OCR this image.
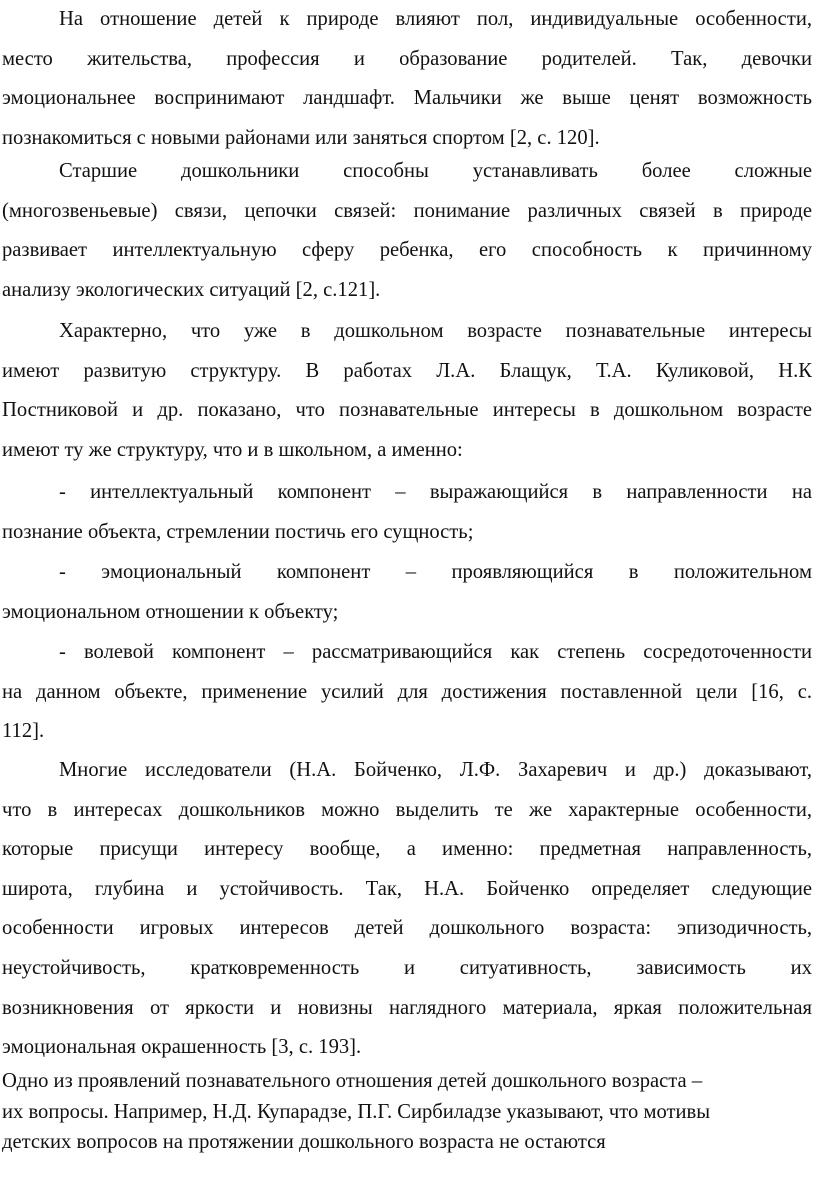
На отношение детей к природе влияют пол, индивидуальные особенности,
место жительства, профессия и образование родителей. Так, девочки
эмоциональнее воспринимают ландшафт. Мальчики же выше ценят возможность
познакомиться с новыми районами или заняться спортом [2, с. 120].
Старшие дошкольники способны устанавливать более сложные
(многозвеньевые) связи, цепочки связей: понимание различных связей в природе
развивает интеллектуальную сферу ребенка, его способность к причинному
анализу экологических ситуаций [2, с.121].
Характерно, что уже в дошкольном возрасте познавательные интересы
имеют развитую структуру. В работах Л.А. Блащук, Т.А. Куликовой, Н.К
Постниковой и др. показано, что познавательные интересы в дошкольном возрасте
имеют ту же структуру, что и в школьном, а именно:
- интеллектуальный компонент – выражающийся в направленности на
познание объекта, стремлении постичь его сущность;
- эмоциональный компонент – проявляющийся в положительном
эмоциональном отношении к объекту;
- волевой компонент – рассматривающийся как степень сосредоточенности
на данном объекте, применение усилий для достижения поставленной цели [16, с.
112].
Многие исследователи (Н.А. Бойченко, Л.Ф. Захаревич и др.) доказывают,
что в интересах дошкольников можно выделить те же характерные особенности,
которые присущи интересу вообще, а именно: предметная направленность,
широта, глубина и устойчивость. Так, Н.А. Бойченко определяет следующие
особенности игровых интересов детей дошкольного возраста: эпизодичность,
неустойчивость, кратковременность и ситуативность, зависимость их
возникновения от яркости и новизны наглядного материала, яркая положительная
эмоциональная окрашенность [3, с. 193].
Одно из проявлений познавательного отношения детей дошкольного возраста –
их вопросы. Например, Н.Д. Купарадзе, П.Г. Сирбиладзе указывают, что мотивы
детских вопросов на протяжении дошкольного возраста не остаются
